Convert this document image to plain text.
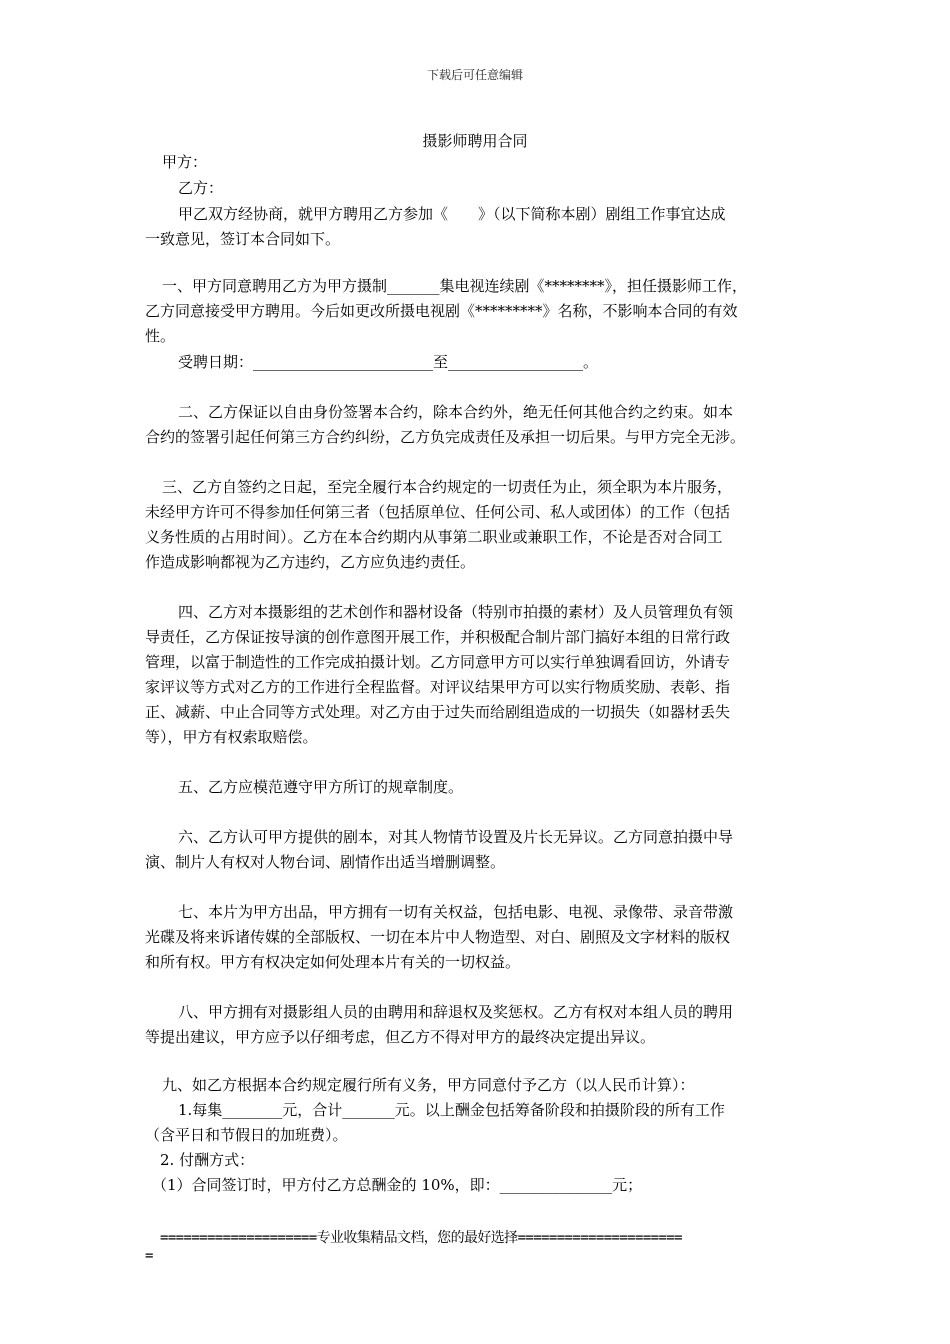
下载后可任意编辑
摄影师聘用合同
甲方：
乙方：
甲乙双方经协商，就甲方聘用乙方参加《　　》（以下简称本剧）剧组工作事宜达成
一致意见，签订本合同如下。
一、甲方同意聘用乙方为甲方摄制_______集电视连续剧《********》，担任摄影师工作，
乙方同意接受甲方聘用。今后如更改所摄电视剧《*********》名称，不影响本合同的有效
性。
受聘日期：________________________至__________________。
二、乙方保证以自由身份签署本合约，除本合约外，绝无任何其他合约之约束。如本
合约的签署引起任何第三方合约纠纷，乙方负完成责任及承担一切后果。与甲方完全无涉。
三、乙方自签约之日起，至完全履行本合约规定的一切责任为止，须全职为本片服务，
未经甲方许可不得参加任何第三者（包括原单位、任何公司、私人或团体）的工作（包括
义务性质的占用时间）。乙方在本合约期内从事第二职业或兼职工作，不论是否对合同工
作造成影响都视为乙方违约，乙方应负违约责任。
四、乙方对本摄影组的艺术创作和器材设备（特别市拍摄的素材）及人员管理负有领
导责任，乙方保证按导演的创作意图开展工作，并积极配合制片部门搞好本组的日常行政
管理，以富于制造性的工作完成拍摄计划。乙方同意甲方可以实行单独调看回访，外请专
家评议等方式对乙方的工作进行全程监督。对评议结果甲方可以实行物质奖励、表彰、指
正、减薪、中止合同等方式处理。对乙方由于过失而给剧组造成的一切损失（如器材丢失
等），甲方有权索取赔偿。
五、乙方应模范遵守甲方所订的规章制度。
六、乙方认可甲方提供的剧本，对其人物情节设置及片长无异议。乙方同意拍摄中导
演、制片人有权对人物台词、剧情作出适当增删调整。
七、本片为甲方出品，甲方拥有一切有关权益，包括电影、电视、录像带、录音带激
光碟及将来诉诸传媒的全部版权、一切在本片中人物造型、对白、剧照及文字材料的版权
和所有权。甲方有权决定如何处理本片有关的一切权益。
八、甲方拥有对摄影组人员的由聘用和辞退权及奖惩权。乙方有权对本组人员的聘用
等提出建议，甲方应予以仔细考虑，但乙方不得对甲方的最终决定提出异议。
九、如乙方根据本合约规定履行所有义务，甲方同意付予乙方（以人民币计算）：
1.每集________元，合计_______元。以上酬金包括筹备阶段和拍摄阶段的所有工作
（含平日和节假日的加班费）。
2. 付酬方式：
（1）合同签订时，甲方付乙方总酬金的 10%，即：_______________元；
====================专业收集精品文档，您的最好选择=====================
=
